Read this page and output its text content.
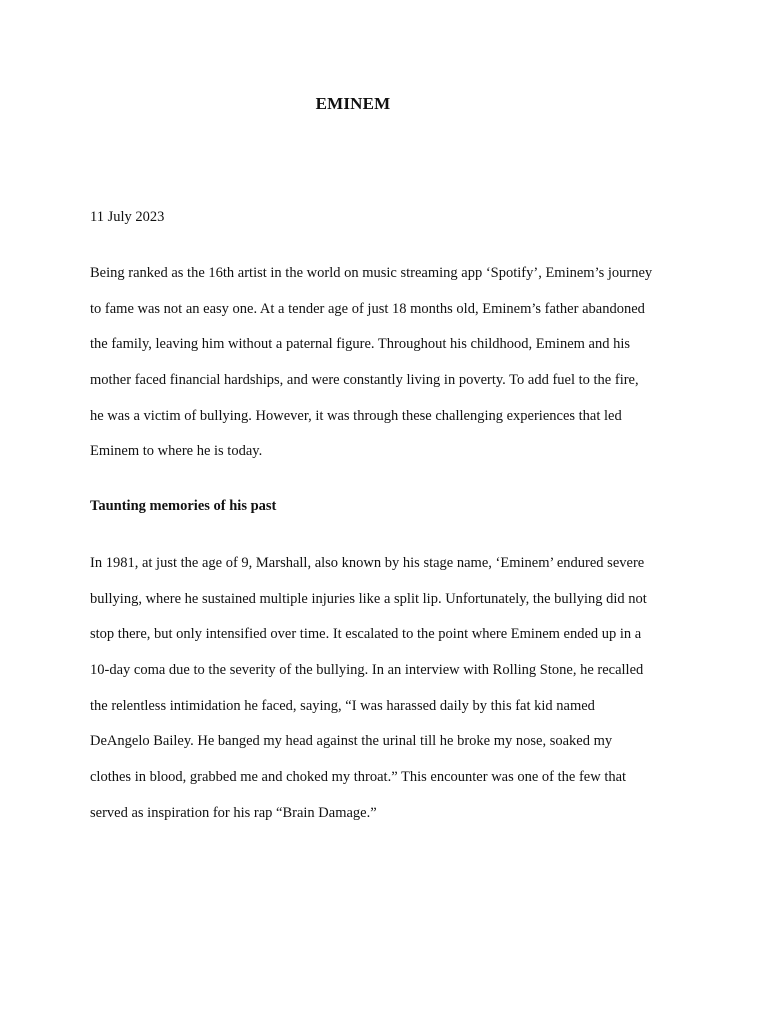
EMINEM

11 July 2023

Being ranked as the 16th artist in the world on music streaming app ‘Spotify’, Eminem’s journey
to fame was not an easy one. At a tender age of just 18 months old, Eminem’s father abandoned
the family, leaving him without a paternal figure. Throughout his childhood, Eminem and his
mother faced financial hardships, and were constantly living in poverty. To add fuel to the fire,
he was a victim of bullying. However, it was through these challenging experiences that led
Eminem to where he is today.
Taunting memories of his past
In 1981, at just the age of 9, Marshall, also known by his stage name, ‘Eminem’ endured severe
bullying, where he sustained multiple injuries like a split lip. Unfortunately, the bullying did not
stop there, but only intensified over time. It escalated to the point where Eminem ended up in a
10-day coma due to the severity of the bullying. In an interview with Rolling Stone, he recalled
the relentless intimidation he faced, saying, “I was harassed daily by this fat kid named
DeAngelo Bailey. He banged my head against the urinal till he broke my nose, soaked my
clothes in blood, grabbed me and choked my throat.” This encounter was one of the few that
served as inspiration for his rap “Brain Damage.”
